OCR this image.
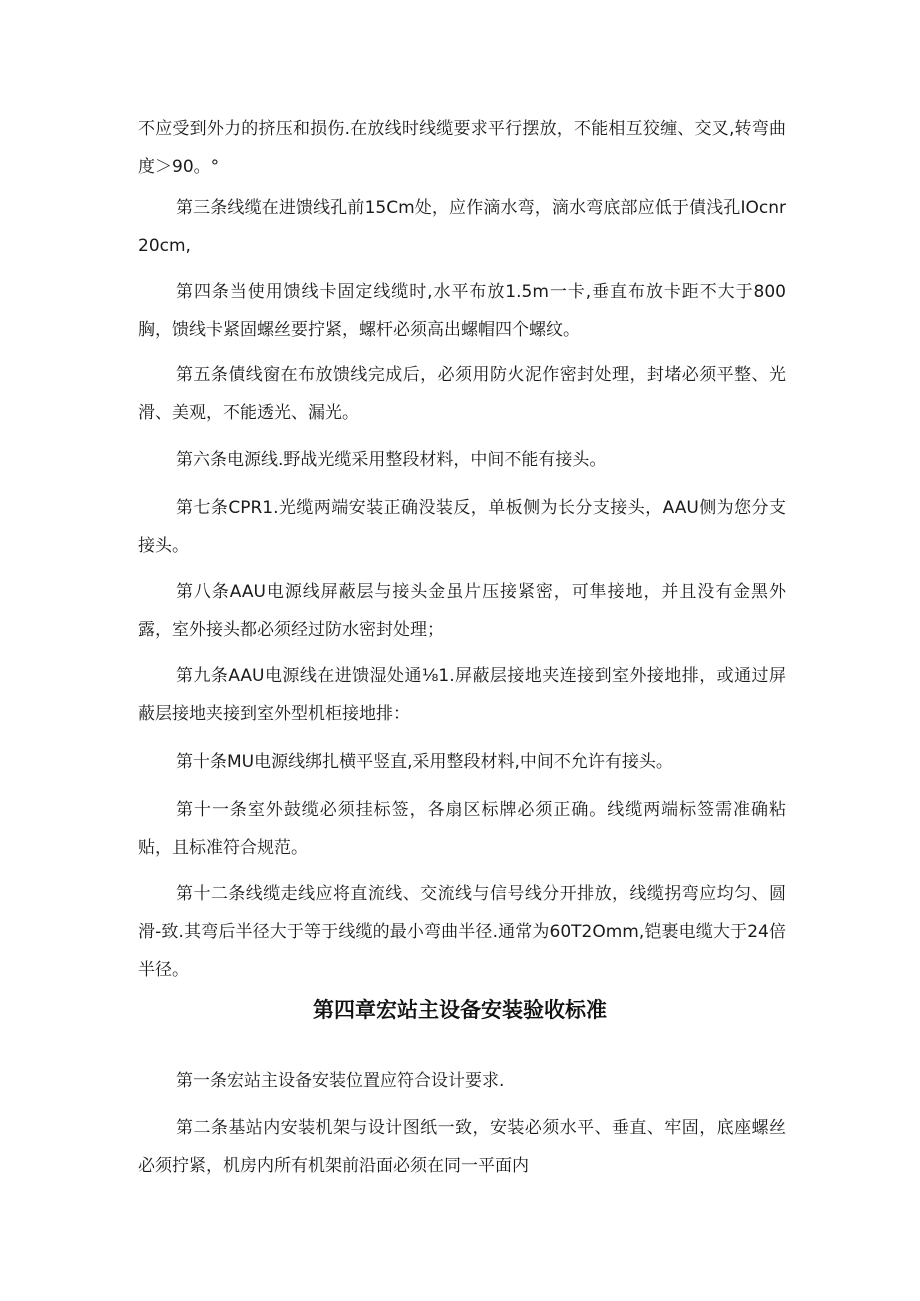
不应受到外力的挤压和损伤.在放线时线缆要求平行摆放，不能相互狡缠、交叉,转弯曲度＞90。°

第三条线缆在进馈线孔前15Cm处，应作滴水弯，滴水弯底部应低于債浅孔IOcnr20cm,

第四条当使用馈线卡固定线缆时,水平布放1.5m一卡,垂直布放卡距不大于800胸，馈线卡紧固螺丝要拧紧，螺杆必须高出螺帽四个螺纹。

第五条債线窗在布放馈线完成后，必须用防火泥作密封处理，封堵必须平整、光滑、美观，不能透光、漏光。

第六条电源线.野战光缆采用整段材料，中间不能有接头。

第七条CPR1.光缆两端安装正确没装反，单板侧为长分支接头，AAU侧为您分支接头。

第八条AAU电源线屏蔽层与接头金虽片压接紧密，可隼接地，并且没有金黑外露，室外接头都必须经过防水密封处理；

第九条AAU电源线在进馈湿处通⅛1.屏蔽层接地夹连接到室外接地排，或通过屏蔽层接地夹接到室外型机柜接地排：

第十条MU电源线绑扎横平竖直,采用整段材料,中间不允许有接头。

第十一条室外鼓缆必须挂标签，各扇区标牌必须正确。线缆两端标签需准确粘贴，且标准符合规范。

第十二条线缆走线应将直流线、交流线与信号线分开排放，线缆拐弯应均匀、圆滑-致.其弯后半径大于等于线缆的最小弯曲半径.通常为60T2Omm,铠裹电缆大于24倍半径。

第四章宏站主设备安装验收标准

第一条宏站主设备安装位置应符合设计要求.

第二条基站内安装机架与设计图纸一致，安装必须水平、垂直、牢固，底座螺丝必须拧紧，机房内所有机架前沿面必须在同一平面内
